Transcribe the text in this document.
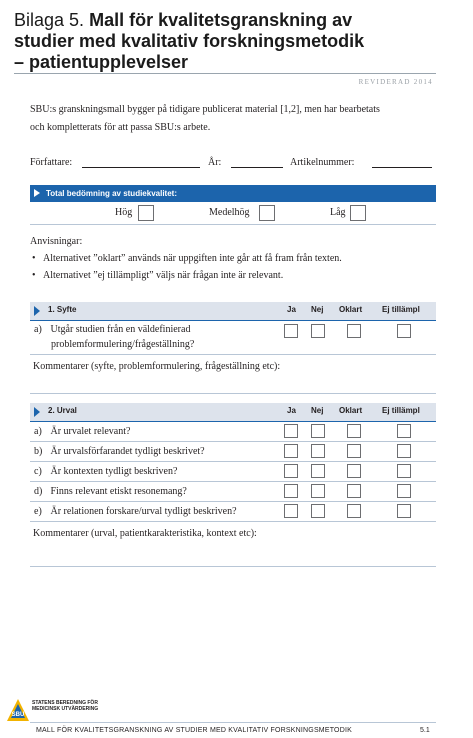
Bilaga 5. Mall för kvalitetsgranskning av
studier med kvalitativ forskningsmetodik
– patientupplevelser
REVIDERAD 2014
SBU:s granskningsmall bygger på tidigare publicerat material [1,2], men har bearbetats
och kompletterats för att passa SBU:s arbete.
Författare:	År:	Artikelnummer:
Total bedömning av studiekvalitet:
Hög	Medelhög	Låg
Anvisningar:
•   Alternativet ”oklart” används när uppgiften inte går att få fram från texten.
•   Alternativet ”ej tillämpligt” väljs när frågan inte är relevant.
1. Syfte	Ja Nej Oklart Ej tillämpl
a) Utgår studien från en väldefinierad
problemformulering/frågeställning?
Kommentarer (syfte, problemformulering, frågeställning etc):
2. Urval	Ja Nej Oklart Ej tillämpl
a) Är urvalet relevant?
b) Är urvalsförfarandet tydligt beskrivet?
c) Är kontexten tydligt beskriven?
d) Finns relevant etiskt resonemang?
e) Är relationen forskare/urval tydligt beskriven?
Kommentarer (urval, patientkarakteristika, kontext etc):
SBU
STATENS BEREDNING FÖR
MEDICINSK UTVÄRDERING
MALL FÖR KVALITETSGRANSKNING AV STUDIER MED KVALITATIV FORSKNINGSMETODIK	5.1
